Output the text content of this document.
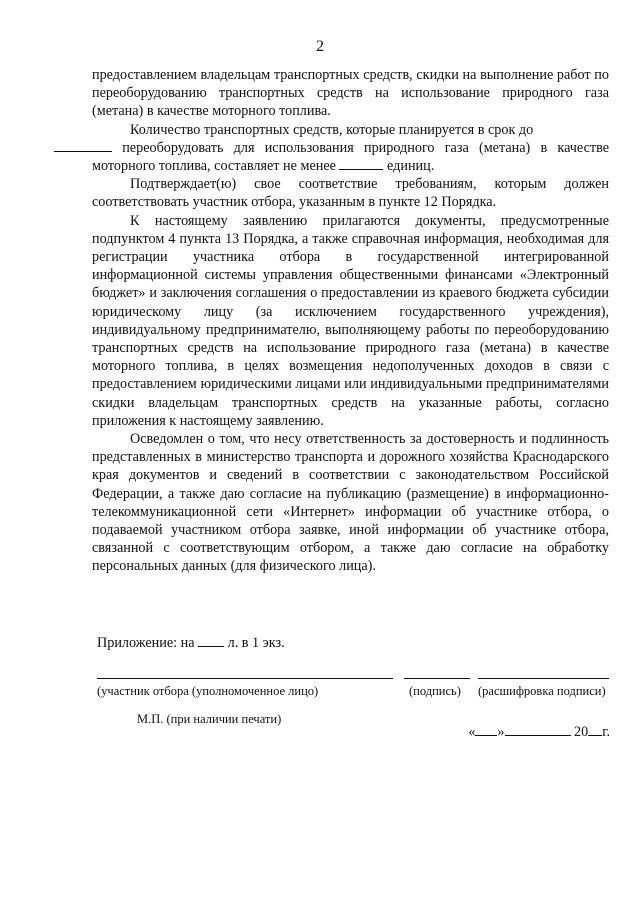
2

предоставлением владельцам транспортных средств, скидки на выполнение работ по переоборудованию транспортных средств на использование природного газа (метана) в качестве моторного топлива.

Количество транспортных средств, которые планируется в срок до
переоборудовать для использования природного газа (метана) в качестве моторного топлива, составляет не менее	единиц.

Подтверждает(ю) свое соответствие требованиям, которым должен соответствовать участник отбора, указанным в пункте 12 Порядка.

К настоящему заявлению прилагаются документы, предусмотренные подпунктом 4 пункта 13 Порядка, а также справочная информация, необходимая для регистрации участника отбора в государственной интегрированной информационной системы управления общественными финансами «Электронный бюджет» и заключения соглашения о предоставлении из краевого бюджета субсидии юридическому лицу (за исключением государственного учреждения), индивидуальному предпринимателю, выполняющему работы по переоборудованию транспортных средств на использование природного газа (метана) в качестве моторного топлива, в целях возмещения недополученных доходов в связи с предоставлением юридическими лицами или индивидуальными предпринимателями скидки владельцам транспортных средств на указанные работы, согласно приложения к настоящему заявлению.

Осведомлен о том, что несу ответственность за достоверность и подлинность представленных в министерство транспорта и дорожного хозяйства Краснодарского края документов и сведений в соответствии с законодательством Российской Федерации, а также даю согласие на публикацию (размещение) в информационно-телекоммуникационной сети «Интернет» информации об участнике отбора, о подаваемой участником отбора заявке, иной информации об участнике отбора, связанной с соответствующим отбором, а также даю согласие на обработку персональных данных (для физического лица).

Приложение: на л. в 1 экз.
(участник отбора (уполномоченное лицо)	(подпись) (расшифровка подписи)
М.П. (при наличии печати)
« »	20 г.
